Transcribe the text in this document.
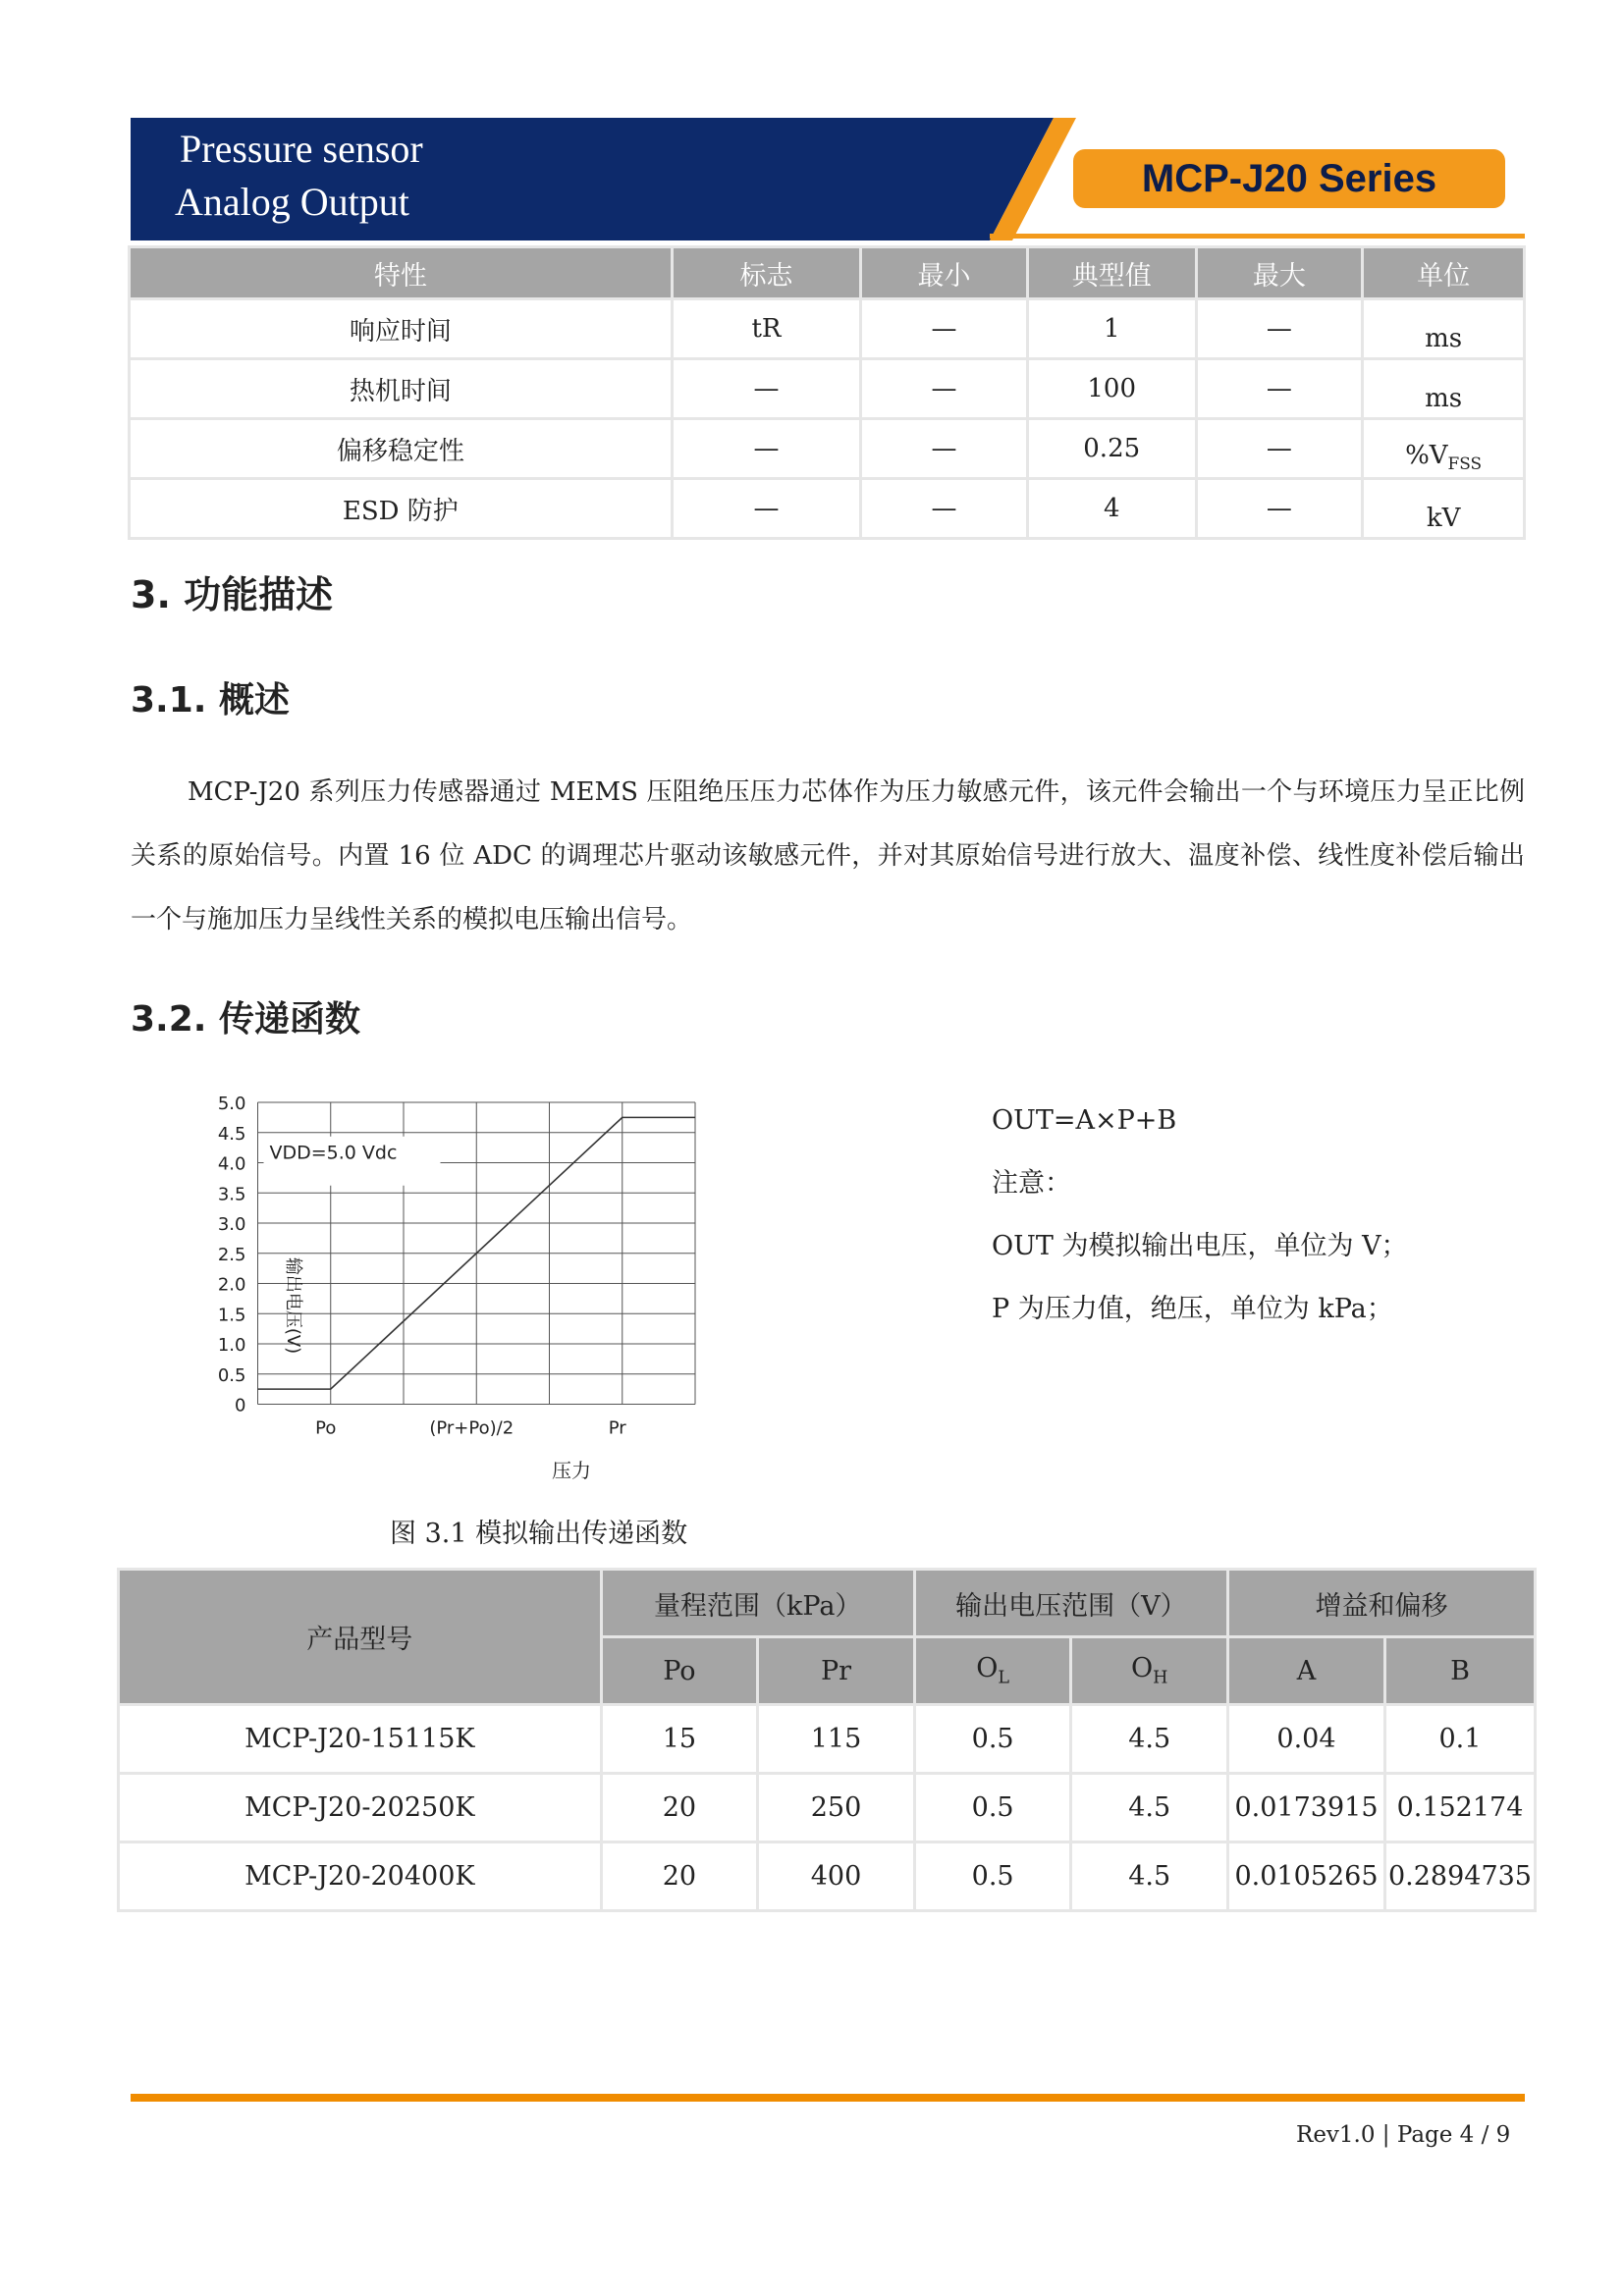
Pressure sensor
Analog Output
MCP-J20 Series
特性	标志	最小	典型值	最大	单位
响应时间	tR	—	1	—	ms
热机时间	—	—	100	—	ms
偏移稳定性	—	—	0.25	—	$\%V_{FSS}$
ESD 防护	—	—	4	—	kV
3. 功能描述
3.1. 概述
MCP-J20 系列压力传感器通过 MEMS 压阻绝压压力芯体作为压力敏感元件，该元件会输出一个与环境压力呈正比例关系的原始信号。内置 16 位 ADC 的调理芯片驱动该敏感元件，并对其原始信号进行放大、温度补偿、线性度补偿后输出一个与施加压力呈线性关系的模拟电压输出信号。
3.2. 传递函数
VDD=5.0 Vdc
5.0
4.5
4.0
3.5
3.0
2.5
2.0
1.5
1.0
0.5
0
Po	(Pr+Po)/2	Pr
输出电压(V)
压力
OUT=A×P+B
注意：
OUT 为模拟输出电压，单位为 V；
P 为压力值，绝压，单位为 kPa；
图 3.1 模拟输出传递函数
产品型号	量程范围（kPa）		输出电压范围（V）		增益和偏移	
	Po	Pr	$O_L$	$O_H$	A	B
MCP-J20-15115K	15	115	0.5	4.5	0.04	0.1
MCP-J20-20250K	20	250	0.5	4.5	0.0173915	0.152174
MCP-J20-20400K	20	400	0.5	4.5	0.0105265	0.2894735
Rev1.0 | Page 4 / 9
